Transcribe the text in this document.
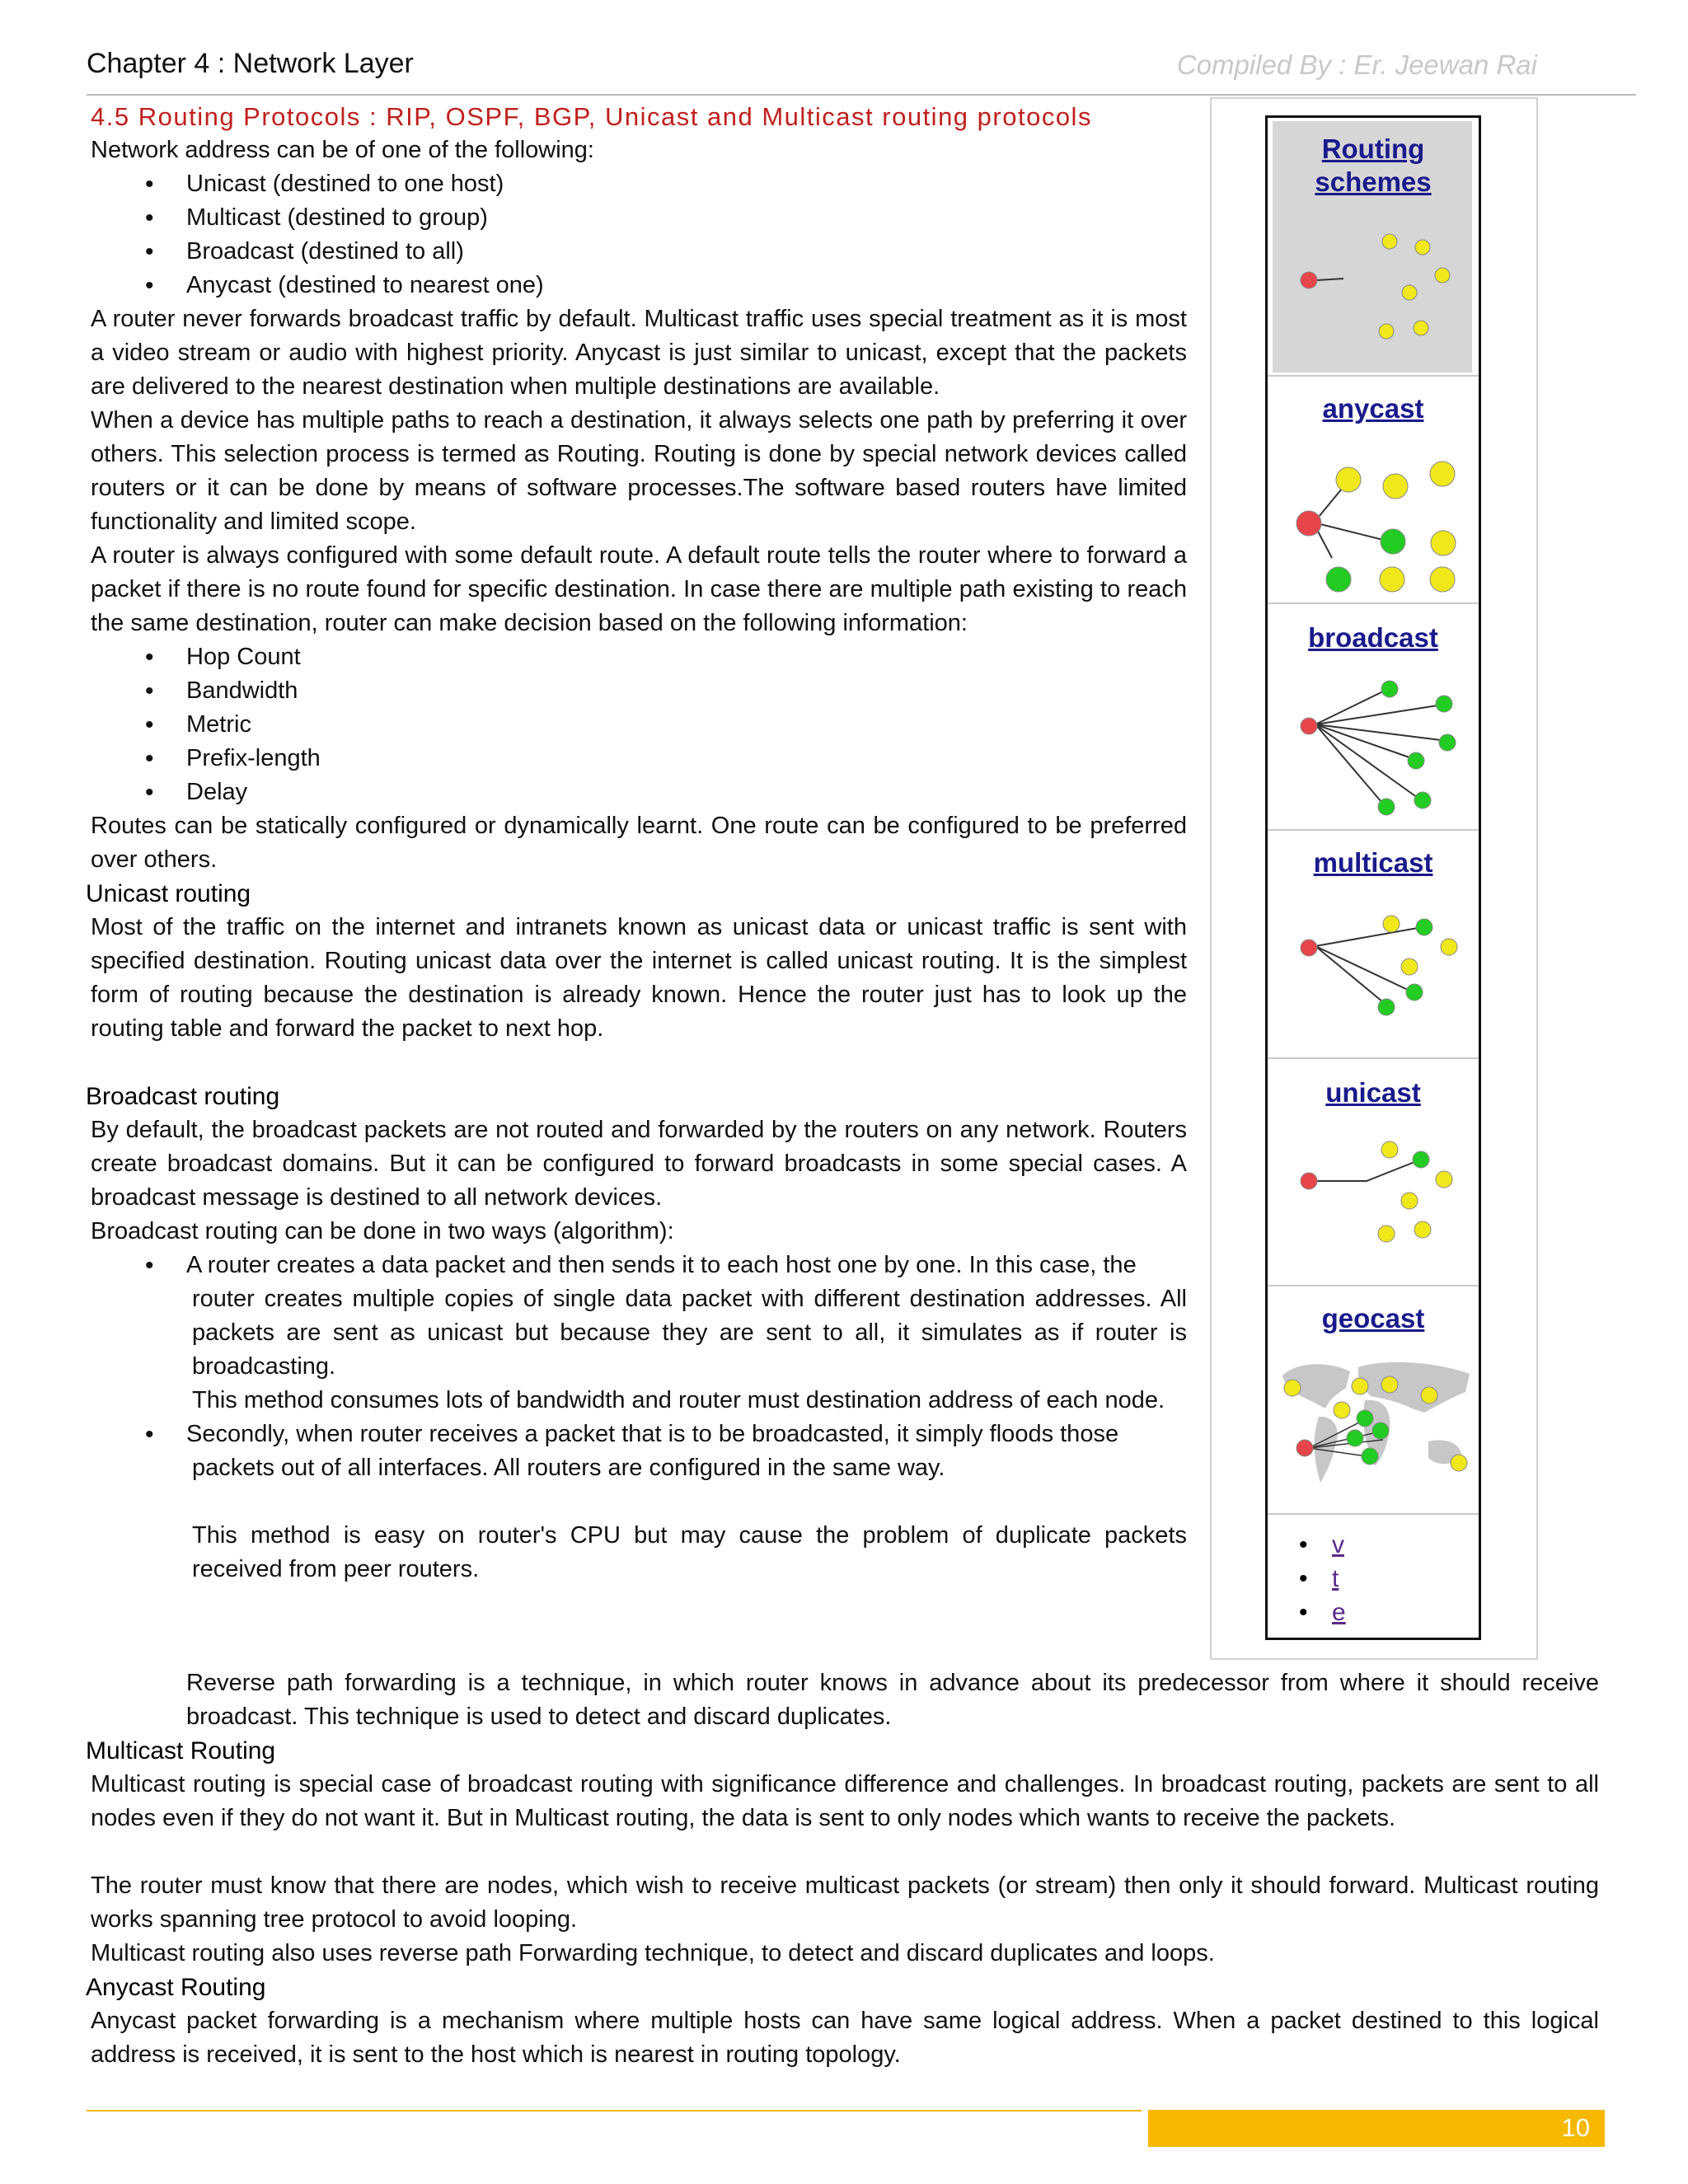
Chapter 4 : Network Layer	Compiled By : Er. Jeewan Rai

4.5 Routing Protocols : RIP, OSPF, BGP, Unicast and Multicast routing protocols

Network address can be of one of the following:

• Unicast (destined to one host)
• Multicast (destined to group)
• Broadcast (destined to all)
• Anycast (destined to nearest one)

A router never forwards broadcast traffic by default. Multicast traffic uses special treatment as it is most a video stream or audio with highest priority. Anycast is just similar to unicast, except that the packets are delivered to the nearest destination when multiple destinations are available.

When a device has multiple paths to reach a destination, it always selects one path by preferring it over others. This selection process is termed as Routing. Routing is done by special network devices called routers or it can be done by means of software processes.The software based routers have limited functionality and limited scope.

A router is always configured with some default route. A default route tells the router where to forward a packet if there is no route found for specific destination. In case there are multiple path existing to reach the same destination, router can make decision based on the following information:

• Hop Count
• Bandwidth
• Metric
• Prefix-length
• Delay

Routes can be statically configured or dynamically learnt. One route can be configured to be preferred over others.

Unicast routing

Most of the traffic on the internet and intranets known as unicast data or unicast traffic is sent with specified destination. Routing unicast data over the internet is called unicast routing. It is the simplest form of routing because the destination is already known. Hence the router just has to look up the routing table and forward the packet to next hop.

Broadcast routing

By default, the broadcast packets are not routed and forwarded by the routers on any network. Routers create broadcast domains. But it can be configured to forward broadcasts in some special cases. A broadcast message is destined to all network devices.

Broadcast routing can be done in two ways (algorithm):

• A router creates a data packet and then sends it to each host one by one. In this case, the

router creates multiple copies of single data packet with different destination addresses. All packets are sent as unicast but because they are sent to all, it simulates as if router is broadcasting.

This method consumes lots of bandwidth and router must destination address of each node.

• Secondly, when router receives a packet that is to be broadcasted, it simply floods those

packets out of all interfaces. All routers are configured in the same way.

This method is easy on router's CPU but may cause the problem of duplicate packets received from peer routers.

Reverse path forwarding is a technique, in which router knows in advance about its predecessor from where it should receive broadcast. This technique is used to detect and discard duplicates.

Multicast Routing

Multicast routing is special case of broadcast routing with significance difference and challenges. In broadcast routing, packets are sent to all nodes even if they do not want it. But in Multicast routing, the data is sent to only nodes which wants to receive the packets.

The router must know that there are nodes, which wish to receive multicast packets (or stream) then only it should forward. Multicast routing works spanning tree protocol to avoid looping.

Multicast routing also uses reverse path Forwarding technique, to detect and discard duplicates and loops.

Anycast Routing

Anycast packet forwarding is a mechanism where multiple hosts can have same logical address. When a packet destined to this logical address is received, it is sent to the host which is nearest in routing topology.

Routing schemes
anycast
broadcast
multicast
unicast
geocast
• v
• t
• e
10
